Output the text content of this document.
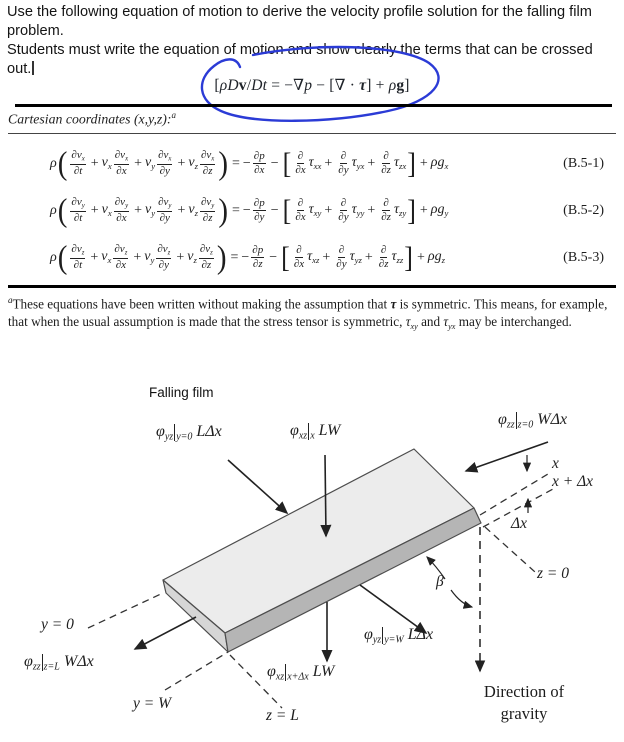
Use the following equation of motion to derive the velocity profile solution for the falling film problem.
Students must write the equation of motion and show clearly the terms that can be crossed out.
[ρDv/Dt = −∇p − [∇ · τ] + ρg]
Cartesian coordinates (x,y,z):$^a$
ρ ( $\frac{\partial v_x}{\partial t} + v_x \frac{\partial v_x}{\partial x} + v_y \frac{\partial v_x}{\partial y} + v_z \frac{\partial v_x}{\partial z}$ ) = − $\frac{\partial p}{\partial x}$ − [ $\frac{\partial}{\partial x} \tau_{xx} + \frac{\partial}{\partial y} \tau_{yx} + \frac{\partial}{\partial z} \tau_{zx}$ ] + $\rho g_x$	(B.5-1)
ρ ( $\frac{\partial v_y}{\partial t} + v_x \frac{\partial v_y}{\partial x} + v_y \frac{\partial v_y}{\partial y} + v_z \frac{\partial v_y}{\partial z}$ ) = − $\frac{\partial p}{\partial y}$ − [ $\frac{\partial}{\partial x} \tau_{xy} + \frac{\partial}{\partial y} \tau_{yy} + \frac{\partial}{\partial z} \tau_{zy}$ ] + $\rho g_y$	(B.5-2)
ρ ( $\frac{\partial v_z}{\partial t} + v_x \frac{\partial v_z}{\partial x} + v_y \frac{\partial v_z}{\partial y} + v_z \frac{\partial v_z}{\partial z}$ ) = − $\frac{\partial p}{\partial z}$ − [ $\frac{\partial}{\partial x} \tau_{xz} + \frac{\partial}{\partial y} \tau_{yz} + \frac{\partial}{\partial z} \tau_{zz}$ ] + $\rho g_z$	(B.5-3)
$^a$These equations have been written without making the assumption that τ is symmetric. This means, for example, that when the usual assumption is made that the stress tensor is symmetric, $\tau_{xy}$ and $\tau_{yx}$ may be interchanged.
Falling film
Direction of
gravity
$\varphi_{yz}$ $_{y=0}$ LΔx	$\varphi_{xz}$ $_x$ LW
$\varphi_{zz}$ $_{z=0}$ WΔx
$\varphi_{zz}$ $_{z=L}$ WΔx
$\varphi_{xz}$ $_{x+\Delta x}$ LW
$\varphi_{yz}$ $_{y=W}$ LΔx
x
x + Δx
Δx
z = 0
β
y = 0
y = W
z = L
